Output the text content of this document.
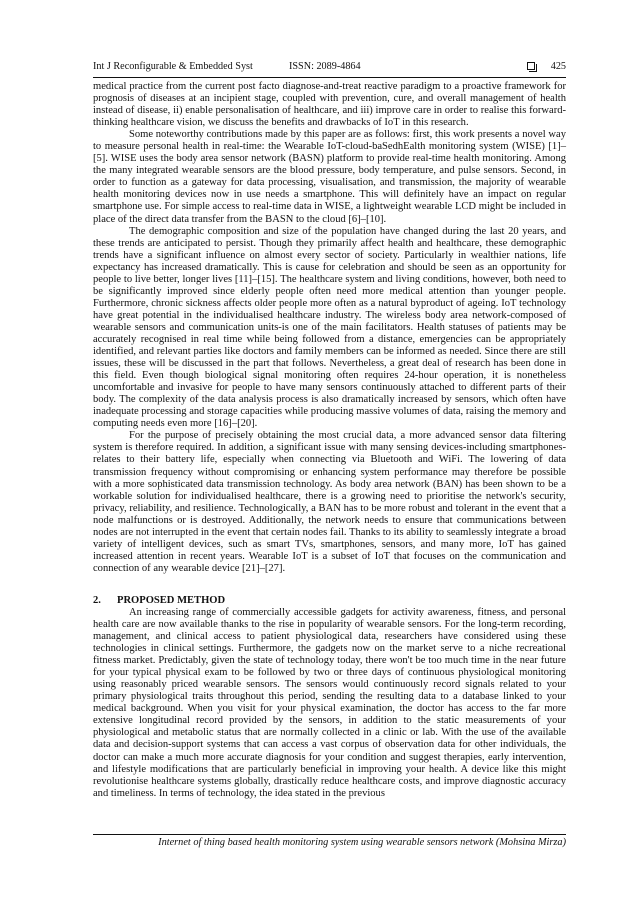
Int J Reconfigurable & Embedded Syst	ISSN: 2089-4864	425

medical practice from the current post facto diagnose-and-treat reactive paradigm to a proactive framework for prognosis of diseases at an incipient stage, coupled with prevention, cure, and overall management of health instead of disease, ii) enable personalisation of healthcare, and iii) improve care in order to realise this forward-thinking healthcare vision, we discuss the benefits and drawbacks of IoT in this research.

Some noteworthy contributions made by this paper are as follows: first, this work presents a novel way to measure personal health in real-time: the Wearable IoT-cloud-baSedhEalth monitoring system (WISE) [1]–[5]. WISE uses the body area sensor network (BASN) platform to provide real-time health monitoring. Among the many integrated wearable sensors are the blood pressure, body temperature, and pulse sensors. Second, in order to function as a gateway for data processing, visualisation, and transmission, the majority of wearable health monitoring devices now in use needs a smartphone. This will definitely have an impact on regular smartphone use. For simple access to real-time data in WISE, a lightweight wearable LCD might be included in place of the direct data transfer from the BASN to the cloud [6]–[10].

The demographic composition and size of the population have changed during the last 20 years, and these trends are anticipated to persist. Though they primarily affect health and healthcare, these demographic trends have a significant influence on almost every sector of society. Particularly in wealthier nations, life expectancy has increased dramatically. This is cause for celebration and should be seen as an opportunity for people to live better, longer lives [11]–[15]. The healthcare system and living conditions, however, both need to be significantly improved since elderly people often need more medical attention than younger people. Furthermore, chronic sickness affects older people more often as a natural byproduct of ageing. IoT technology have great potential in the individualised healthcare industry. The wireless body area network-composed of wearable sensors and communication units-is one of the main facilitators. Health statuses of patients may be accurately recognised in real time while being followed from a distance, emergencies can be appropriately identified, and relevant parties like doctors and family members can be informed as needed. Since there are still issues, these will be discussed in the part that follows. Nevertheless, a great deal of research has been done in this field. Even though biological signal monitoring often requires 24-hour operation, it is nonetheless uncomfortable and invasive for people to have many sensors continuously attached to different parts of their body. The complexity of the data analysis process is also dramatically increased by sensors, which often have inadequate processing and storage capacities while producing massive volumes of data, raising the memory and computing needs even more [16]–[20].

For the purpose of precisely obtaining the most crucial data, a more advanced sensor data filtering system is therefore required. In addition, a significant issue with many sensing devices-including smartphones-relates to their battery life, especially when connecting via Bluetooth and WiFi. The lowering of data transmission frequency without compromising or enhancing system performance may therefore be possible with a more sophisticated data transmission technology. As body area network (BAN) has been shown to be a workable solution for individualised healthcare, there is a growing need to prioritise the network's security, privacy, reliability, and resilience. Technologically, a BAN has to be more robust and tolerant in the event that a node malfunctions or is destroyed. Additionally, the network needs to ensure that communications between nodes are not interrupted in the event that certain nodes fail. Thanks to its ability to seamlessly integrate a broad variety of intelligent devices, such as smart TVs, smartphones, sensors, and many more, IoT has gained increased attention in recent years. Wearable IoT is a subset of IoT that focuses on the communication and connection of any wearable device [21]–[27].

2. PROPOSED METHOD

An increasing range of commercially accessible gadgets for activity awareness, fitness, and personal health care are now available thanks to the rise in popularity of wearable sensors. For the long-term recording, management, and clinical access to patient physiological data, researchers have considered using these technologies in clinical settings. Furthermore, the gadgets now on the market serve to a niche recreational fitness market. Predictably, given the state of technology today, there won't be too much time in the near future for your typical physical exam to be followed by two or three days of continuous physiological monitoring using reasonably priced wearable sensors. The sensors would continuously record signals related to your primary physiological traits throughout this period, sending the resulting data to a database linked to your medical background. When you visit for your physical examination, the doctor has access to the far more extensive longitudinal record provided by the sensors, in addition to the static measurements of your physiological and metabolic status that are normally collected in a clinic or lab. With the use of the available data and decision-support systems that can access a vast corpus of observation data for other individuals, the doctor can make a much more accurate diagnosis for your condition and suggest therapies, early intervention, and lifestyle modifications that are particularly beneficial in improving your health. A device like this might revolutionise healthcare systems globally, drastically reduce healthcare costs, and improve diagnostic accuracy and timeliness. In terms of technology, the idea stated in the previous

Internet of thing based health monitoring system using wearable sensors network (Mohsina Mirza)
